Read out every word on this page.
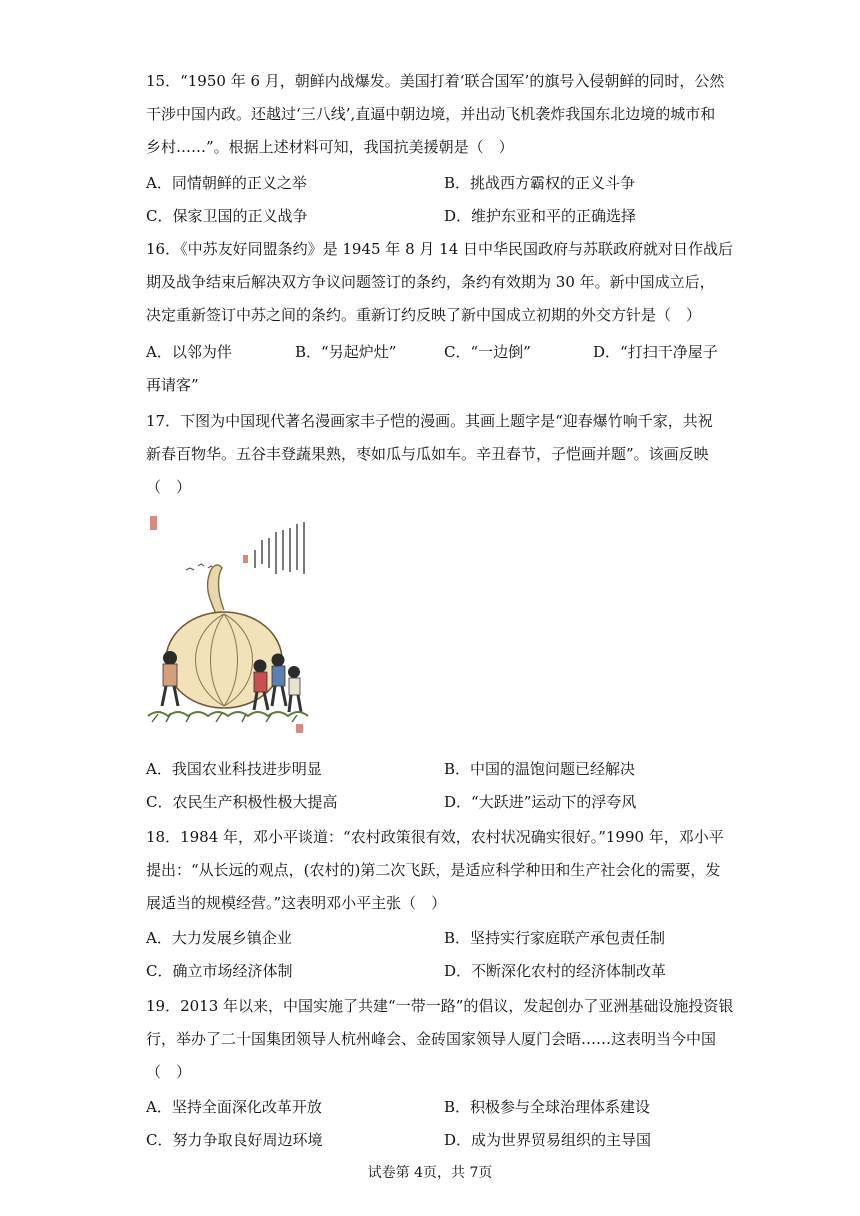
15．“1950 年 6 月，朝鲜内战爆发。美国打着‘联合国军’的旗号入侵朝鲜的同时，公然
干涉中国内政。还越过‘三八线’,直逼中朝边境，并出动飞机袭炸我国东北边境的城市和
乡村……”。根据上述材料可知，我国抗美援朝是（　）
A．同情朝鲜的正义之举	B．挑战西方霸权的正义斗争
C．保家卫国的正义战争	D．维护东亚和平的正确选择
16．《中苏友好同盟条约》是 1945 年 8 月 14 日中华民国政府与苏联政府就对日作战后
期及战争结束后解决双方争议问题签订的条约，条约有效期为 30 年。新中国成立后，
决定重新签订中苏之间的条约。重新订约反映了新中国成立初期的外交方针是（　）
A．以邻为伴	B．“另起炉灶”	C．“一边倒”	D．“打扫干净屋子
再请客”
17．下图为中国现代著名漫画家丰子恺的漫画。其画上题字是“迎春爆竹响千家，共祝
新春百物华。五谷丰登蔬果熟，枣如瓜与瓜如车。辛丑春节，子恺画并题”。该画反映
（　）
A．我国农业科技进步明显	B．中国的温饱问题已经解决
C．农民生产积极性极大提高	D．“大跃进”运动下的浮夸风
18．1984 年，邓小平谈道：“农村政策很有效，农村状况确实很好。”1990 年，邓小平
提出：“从长远的观点，(农村的)第二次飞跃，是适应科学种田和生产社会化的需要，发
展适当的规模经营。”这表明邓小平主张（　）
A．大力发展乡镇企业	B．坚持实行家庭联产承包责任制
C．确立市场经济体制	D．不断深化农村的经济体制改革
19．2013 年以来，中国实施了共建“一带一路”的倡议，发起创办了亚洲基础设施投资银
行，举办了二十国集团领导人杭州峰会、金砖国家领导人厦门会晤……这表明当今中国
（　）
A．坚持全面深化改革开放	B．积极参与全球治理体系建设
C．努力争取良好周边环境	D．成为世界贸易组织的主导国
试卷第 4页，共 7页
